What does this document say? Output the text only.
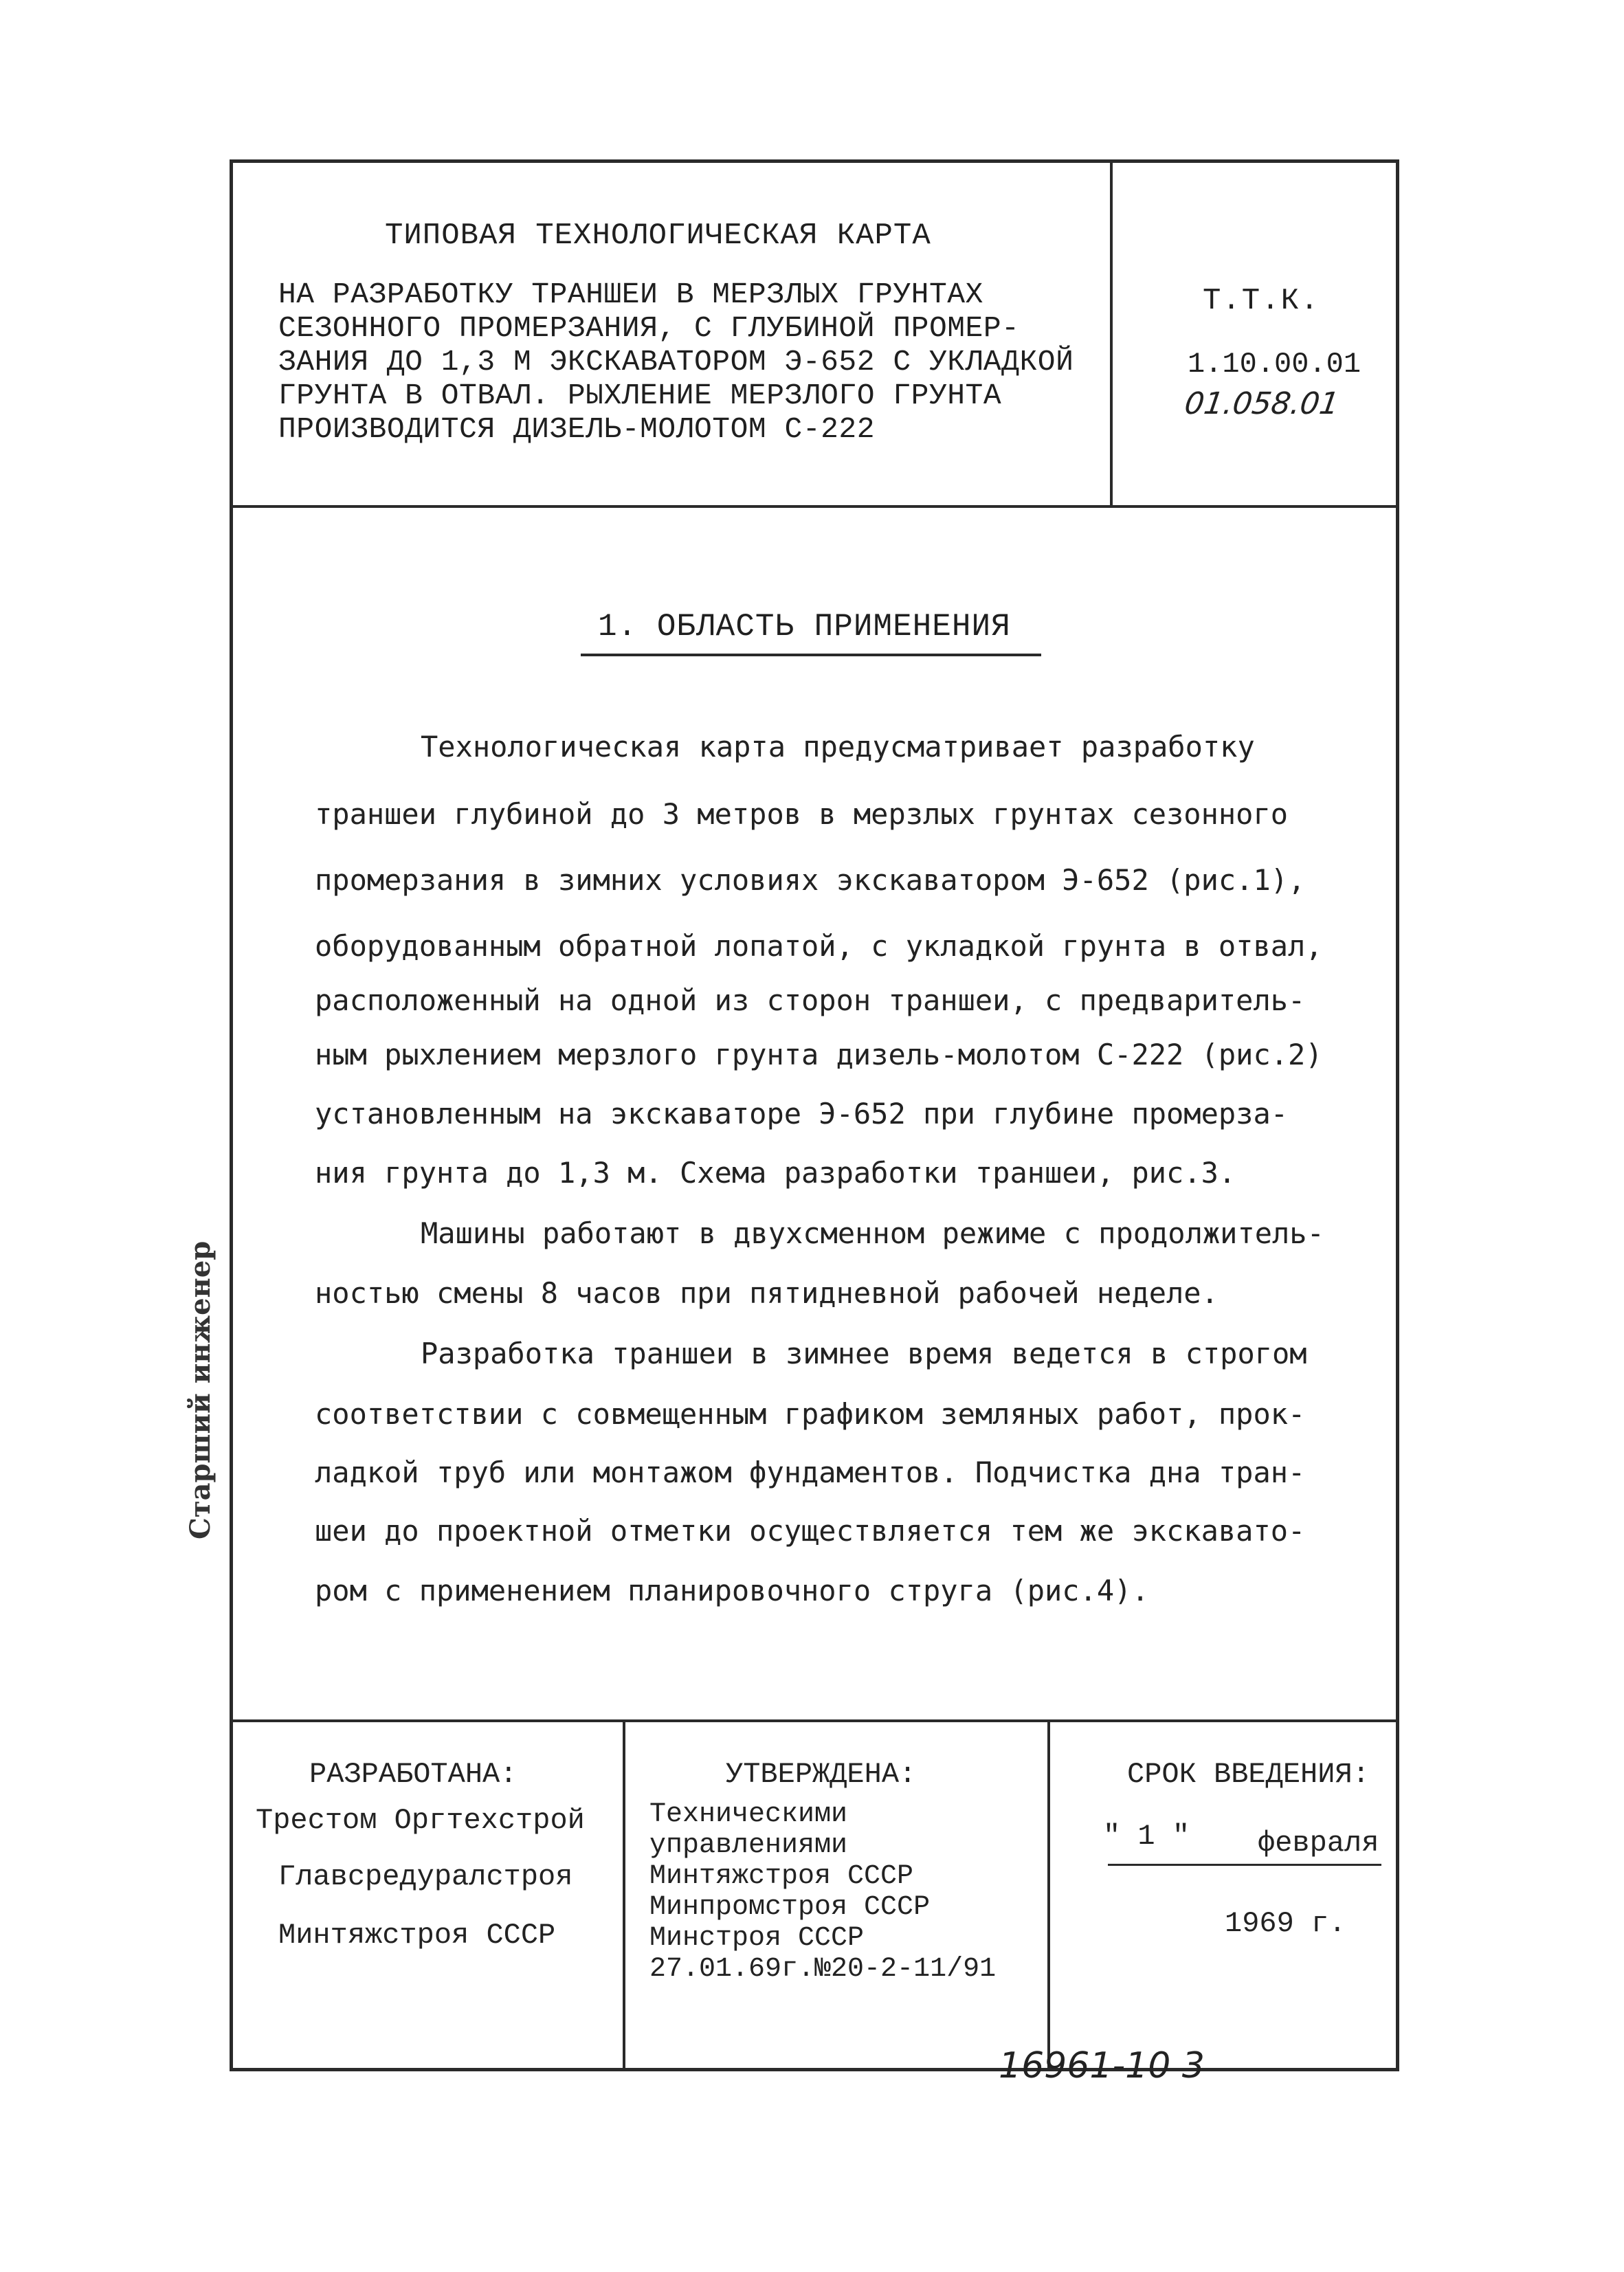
ТИПОВАЯ ТЕХНОЛОГИЧЕСКАЯ КАРТА
НА РАЗРАБОТКУ ТРАНШЕИ В МЕРЗЛЫХ ГРУНТАХ
СЕЗОННОГО ПРОМЕРЗАНИЯ, С ГЛУБИНОЙ ПРОМЕР-
ЗАНИЯ ДО 1,3 М ЭКСКАВАТОРОМ Э-652 С УКЛАДКОЙ
ГРУНТА В ОТВАЛ. РЫХЛЕНИЕ МЕРЗЛОГО ГРУНТА
ПРОИЗВОДИТСЯ ДИЗЕЛЬ-МОЛОТОМ С-222
Т.Т.К.
1.10.00.01
01.058.01
1. ОБЛАСТЬ ПРИМЕНЕНИЯ
Технологическая карта предусматривает разработку
траншеи глубиной до 3 метров в мерзлых грунтах сезонного
промерзания в зимних условиях экскаватором Э-652 (рис.1),
оборудованным обратной лопатой, с укладкой грунта в отвал,
расположенный на одной из сторон траншеи, с предваритель-
ным рыхлением мерзлого грунта дизель-молотом С-222 (рис.2)
установленным на экскаваторе Э-652 при глубине промерза-
ния грунта до 1,3 м. Схема разработки траншеи, рис.3.
Машины работают в двухсменном режиме с продолжитель-
ностью смены 8 часов при пятидневной рабочей неделе.
Разработка траншеи в зимнее время ведется в строгом
соответствии с совмещенным графиком земляных работ, прок-
ладкой труб или монтажом фундаментов. Подчистка дна тран-
шеи до проектной отметки осуществляется тем же экскавато-
ром с применением планировочного струга (рис.4).
Старший инженер
РАЗРАБОТАНА:
Трестом Оргтехстрой
Главсредуралстроя
Минтяжстроя СССР
УТВЕРЖДЕНА:
Техническими
управлениями
Минтяжстроя СССР
Минпромстроя СССР
Минстроя СССР
27.01.69г.№20-2-11/91
СРОК ВВЕДЕНИЯ:
" 1 " февраля
1969 г.
16961-10 3
